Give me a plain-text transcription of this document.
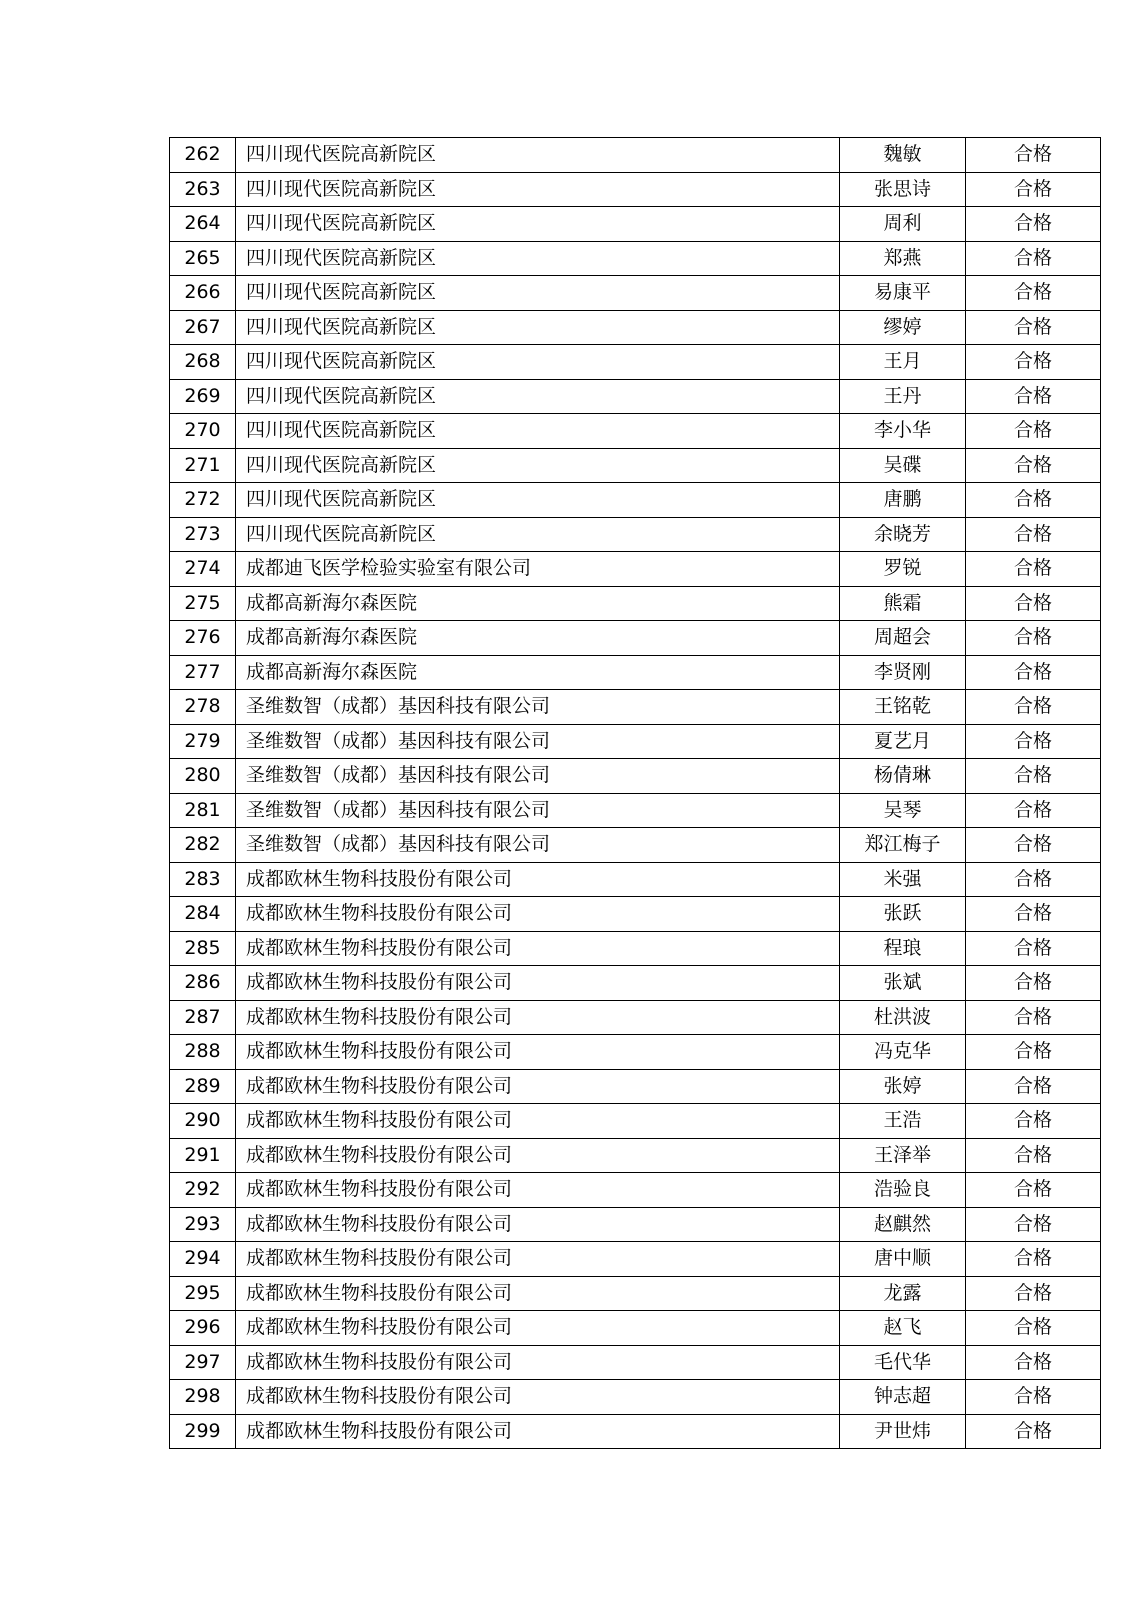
262	四川现代医院高新院区	魏敏	合格
263	四川现代医院高新院区	张思诗	合格
264	四川现代医院高新院区	周利	合格
265	四川现代医院高新院区	郑燕	合格
266	四川现代医院高新院区	易康平	合格
267	四川现代医院高新院区	缪婷	合格
268	四川现代医院高新院区	王月	合格
269	四川现代医院高新院区	王丹	合格
270	四川现代医院高新院区	李小华	合格
271	四川现代医院高新院区	吴碟	合格
272	四川现代医院高新院区	唐鹏	合格
273	四川现代医院高新院区	余晓芳	合格
274	成都迪飞医学检验实验室有限公司	罗锐	合格
275	成都高新海尔森医院	熊霜	合格
276	成都高新海尔森医院	周超会	合格
277	成都高新海尔森医院	李贤刚	合格
278	圣维数智（成都）基因科技有限公司	王铭乾	合格
279	圣维数智（成都）基因科技有限公司	夏艺月	合格
280	圣维数智（成都）基因科技有限公司	杨倩琳	合格
281	圣维数智（成都）基因科技有限公司	吴琴	合格
282	圣维数智（成都）基因科技有限公司	郑江梅子	合格
283	成都欧林生物科技股份有限公司	米强	合格
284	成都欧林生物科技股份有限公司	张跃	合格
285	成都欧林生物科技股份有限公司	程琅	合格
286	成都欧林生物科技股份有限公司	张斌	合格
287	成都欧林生物科技股份有限公司	杜洪波	合格
288	成都欧林生物科技股份有限公司	冯克华	合格
289	成都欧林生物科技股份有限公司	张婷	合格
290	成都欧林生物科技股份有限公司	王浩	合格
291	成都欧林生物科技股份有限公司	王泽举	合格
292	成都欧林生物科技股份有限公司	浩验良	合格
293	成都欧林生物科技股份有限公司	赵麒然	合格
294	成都欧林生物科技股份有限公司	唐中顺	合格
295	成都欧林生物科技股份有限公司	龙露	合格
296	成都欧林生物科技股份有限公司	赵飞	合格
297	成都欧林生物科技股份有限公司	毛代华	合格
298	成都欧林生物科技股份有限公司	钟志超	合格
299	成都欧林生物科技股份有限公司	尹世炜	合格
